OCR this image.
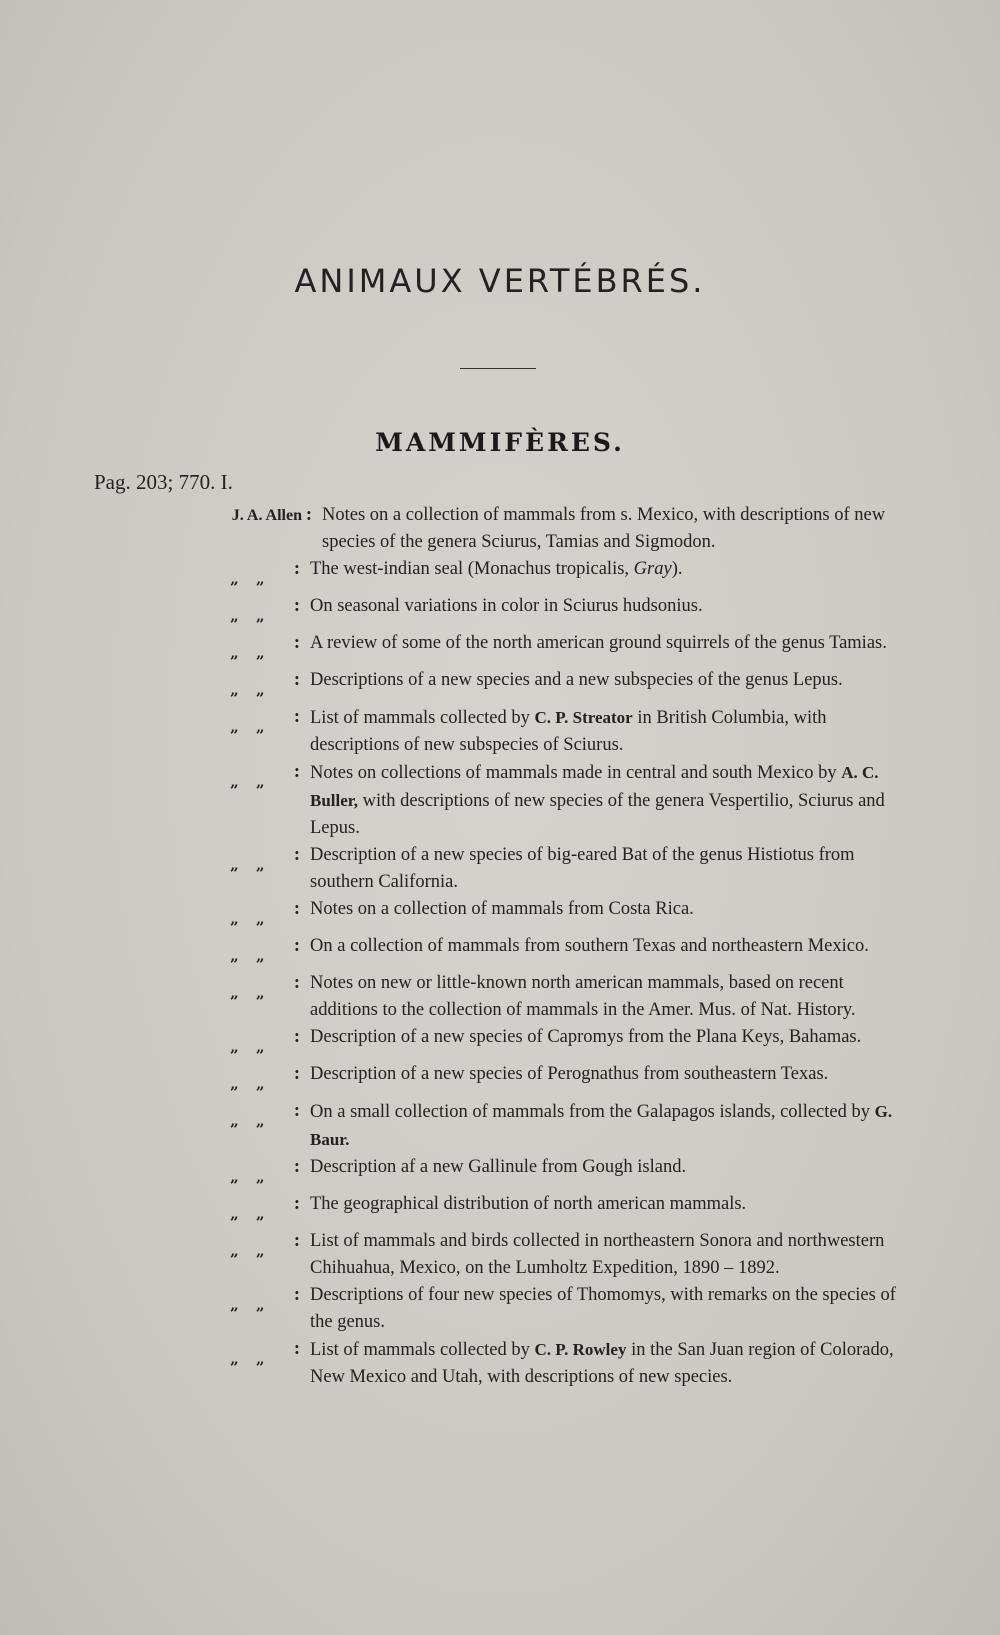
ANIMAUX VERTÉBRÉS.
MAMMIFÈRES.
Pag. 203; 770. I.
J. A. Allen : Notes on a collection of mammals from s. Mexico, with descriptions of new species of the genera Sciurus, Tamias and Sigmodon.
„	„	: The west-indian seal (Monachus tropicalis, Gray).
„	„	: On seasonal variations in color in Sciurus hudsonius.
„	„	: A review of some of the north american ground squirrels of the genus Tamias.
„	„	: Descriptions of a new species and a new subspecies of the genus Lepus.
„	„	: List of mammals collected by C. P. Streator in British Columbia, with descriptions of new subspecies of Sciurus.
„	„	: Notes on collections of mammals made in central and south Mexico by A. C. Buller, with descriptions of new species of the genera Vespertilio, Sciurus and Lepus.
„	„	: Description of a new species of big-eared Bat of the genus Histiotus from southern California.
„	„	: Notes on a collection of mammals from Costa Rica.
„	„	: On a collection of mammals from southern Texas and northeastern Mexico.
„	„	: Notes on new or little-known north american mammals, based on recent additions to the collection of mammals in the Amer. Mus. of Nat. History.
„	„	: Description of a new species of Capromys from the Plana Keys, Bahamas.
„	„	: Description of a new species of Perognathus from southeastern Texas.
„	„	: On a small collection of mammals from the Galapagos islands, collected by G. Baur.
„	„	: Description af a new Gallinule from Gough island.
„	„	: The geographical distribution of north american mammals.
„	„	: List of mammals and birds collected in northeastern Sonora and northwestern Chihuahua, Mexico, on the Lumholtz Expedition, 1890 – 1892.
„	„	: Descriptions of four new species of Thomomys, with remarks on the species of the genus.
„	„	: List of mammals collected by C. P. Rowley in the San Juan region of Colorado, New Mexico and Utah, with descriptions of new species.
